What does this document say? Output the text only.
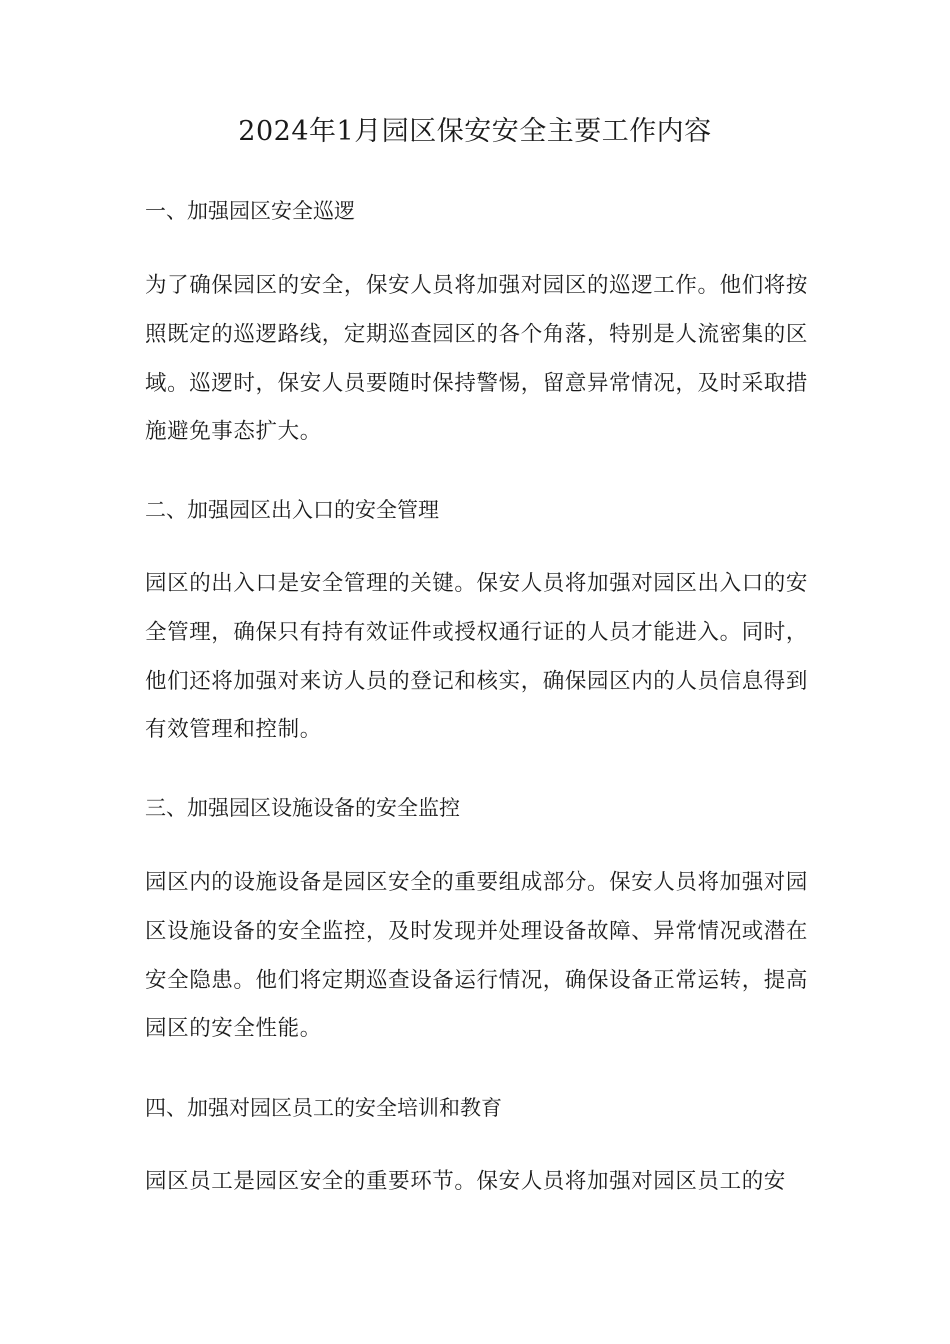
2024年1月园区保安安全主要工作内容
一、加强园区安全巡逻
为了确保园区的安全，保安人员将加强对园区的巡逻工作。他们将按照既定的巡逻路线，定期巡查园区的各个角落，特别是人流密集的区域。巡逻时，保安人员要随时保持警惕，留意异常情况，及时采取措施避免事态扩大。
二、加强园区出入口的安全管理
园区的出入口是安全管理的关键。保安人员将加强对园区出入口的安全管理，确保只有持有效证件或授权通行证的人员才能进入。同时，他们还将加强对来访人员的登记和核实，确保园区内的人员信息得到有效管理和控制。
三、加强园区设施设备的安全监控
园区内的设施设备是园区安全的重要组成部分。保安人员将加强对园区设施设备的安全监控，及时发现并处理设备故障、异常情况或潜在安全隐患。他们将定期巡查设备运行情况，确保设备正常运转，提高园区的安全性能。
四、加强对园区员工的安全培训和教育
园区员工是园区安全的重要环节。保安人员将加强对园区员工的安
